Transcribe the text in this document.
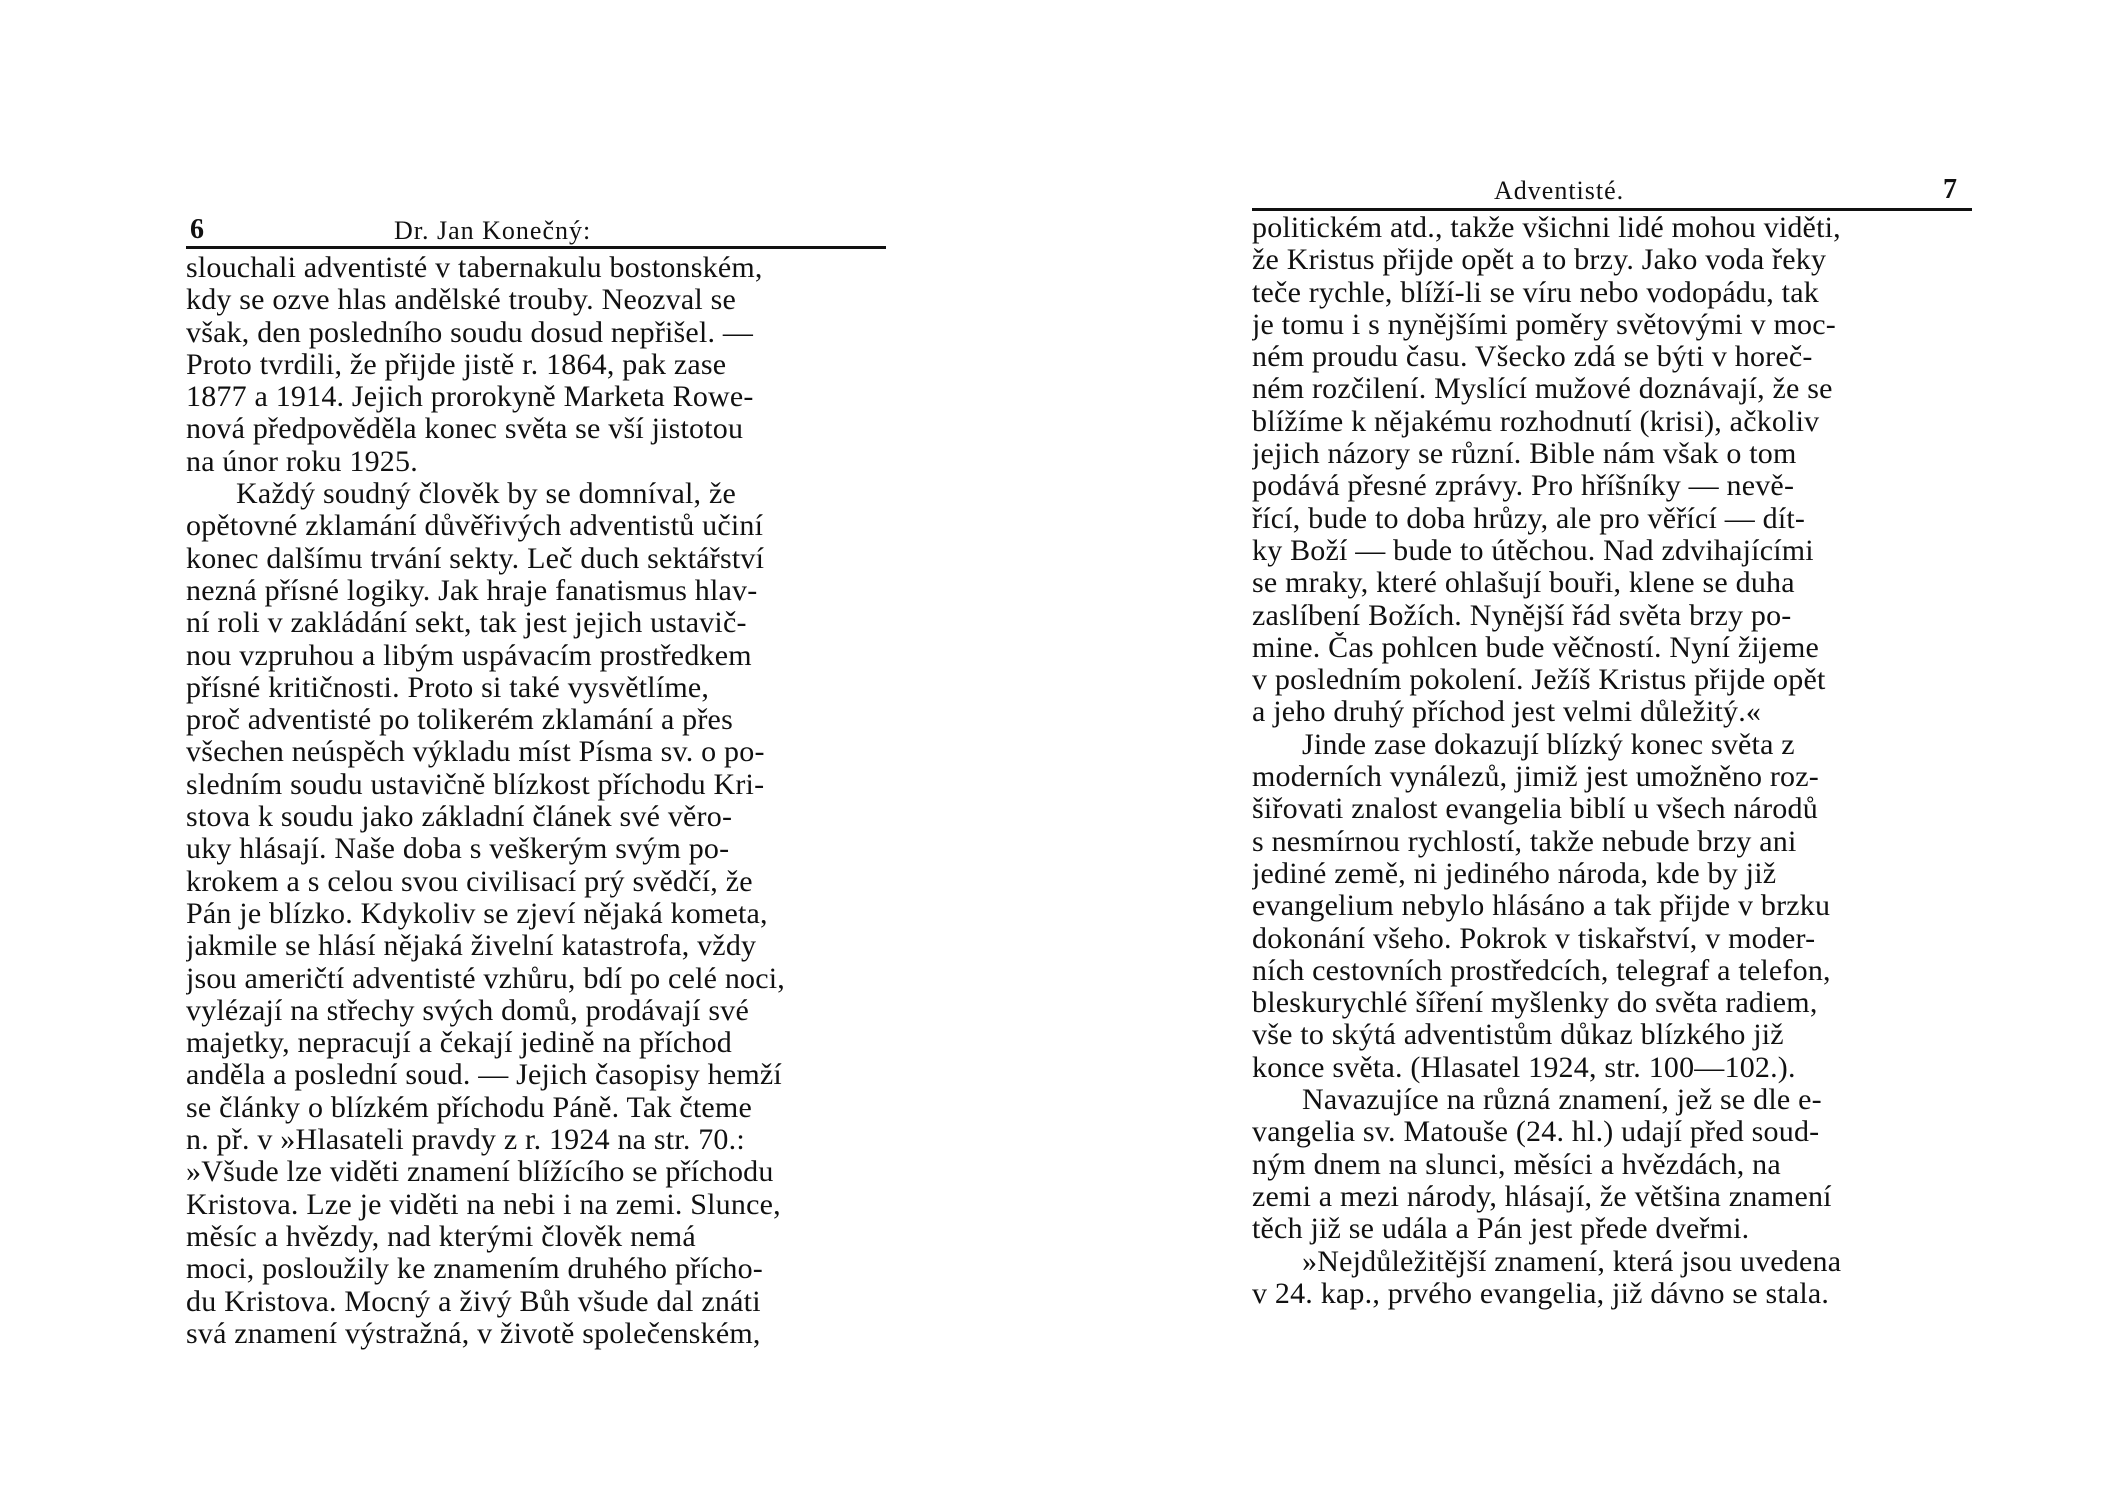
6	Dr. Jan Konečný:
slouchali adventisté v tabernakulu bostonském,
kdy se ozve hlas andělské trouby. Neozval se
však, den posledního soudu dosud nepřišel. —
Proto tvrdili, že přijde jistě r. 1864, pak zase
1877 a 1914. Jejich prorokyně Marketa Rowe-
nová předpověděla konec světa se vší jistotou
na únor roku 1925.
Každý soudný člověk by se domníval, že
opětovné zklamání důvěřivých adventistů učiní
konec dalšímu trvání sekty. Leč duch sektářství
nezná přísné logiky. Jak hraje fanatismus hlav-
ní roli v zakládání sekt, tak jest jejich ustavič-
nou vzpruhou a libým uspávacím prostředkem
přísné kritičnosti. Proto si také vysvětlíme,
proč adventisté po tolikerém zklamání a přes
všechen neúspěch výkladu míst Písma sv. o po-
sledním soudu ustavičně blízkost příchodu Kri-
stova k soudu jako základní článek své věro-
uky hlásají. Naše doba s veškerým svým po-
krokem a s celou svou civilisací prý svědčí, že
Pán je blízko. Kdykoliv se zjeví nějaká kometa,
jakmile se hlásí nějaká živelní katastrofa, vždy
jsou američtí adventisté vzhůru, bdí po celé noci,
vylézají na střechy svých domů, prodávají své
majetky, nepracují a čekají jedině na příchod
anděla a poslední soud. — Jejich časopisy hemží
se články o blízkém příchodu Páně. Tak čteme
n. př. v »Hlasateli pravdy z r. 1924 na str. 70.:
»Všude lze viděti znamení blížícího se příchodu
Kristova. Lze je viděti na nebi i na zemi. Slunce,
měsíc a hvězdy, nad kterými člověk nemá
moci, posloužily ke znamením druhého přícho-
du Kristova. Mocný a živý Bůh všude dal znáti
svá znamení výstražná, v životě společenském,
Adventisté.	7
politickém atd., takže všichni lidé mohou viděti,
že Kristus přijde opět a to brzy. Jako voda řeky
teče rychle, blíží-li se víru nebo vodopádu, tak
je tomu i s nynějšími poměry světovými v moc-
ném proudu času. Všecko zdá se býti v horeč-
ném rozčilení. Myslící mužové doznávají, že se
blížíme k nějakému rozhodnutí (krisi), ačkoliv
jejich názory se různí. Bible nám však o tom
podává přesné zprávy. Pro hříšníky — nevě-
řící, bude to doba hrůzy, ale pro věřící — dít-
ky Boží — bude to útěchou. Nad zdvihajícími
se mraky, které ohlašují bouři, klene se duha
zaslíbení Božích. Nynější řád světa brzy po-
mine. Čas pohlcen bude věčností. Nyní žijeme
v posledním pokolení. Ježíš Kristus přijde opět
a jeho druhý příchod jest velmi důležitý.«
Jinde zase dokazují blízký konec světa z
moderních vynálezů, jimiž jest umožněno roz-
šiřovati znalost evangelia biblí u všech národů
s nesmírnou rychlostí, takže nebude brzy ani
jediné země, ni jediného národa, kde by již
evangelium nebylo hlásáno a tak přijde v brzku
dokonání všeho. Pokrok v tiskařství, v moder-
ních cestovních prostředcích, telegraf a telefon,
bleskurychlé šíření myšlenky do světa radiem,
vše to skýtá adventistům důkaz blízkého již
konce světa. (Hlasatel 1924, str. 100—102.).
Navazujíce na různá znamení, jež se dle e-
vangelia sv. Matouše (24. hl.) udají před soud-
ným dnem na slunci, měsíci a hvězdách, na
zemi a mezi národy, hlásají, že většina znamení
těch již se udála a Pán jest přede dveřmi.
»Nejdůležitější znamení, která jsou uvedena
v 24. kap., prvého evangelia, již dávno se stala.
